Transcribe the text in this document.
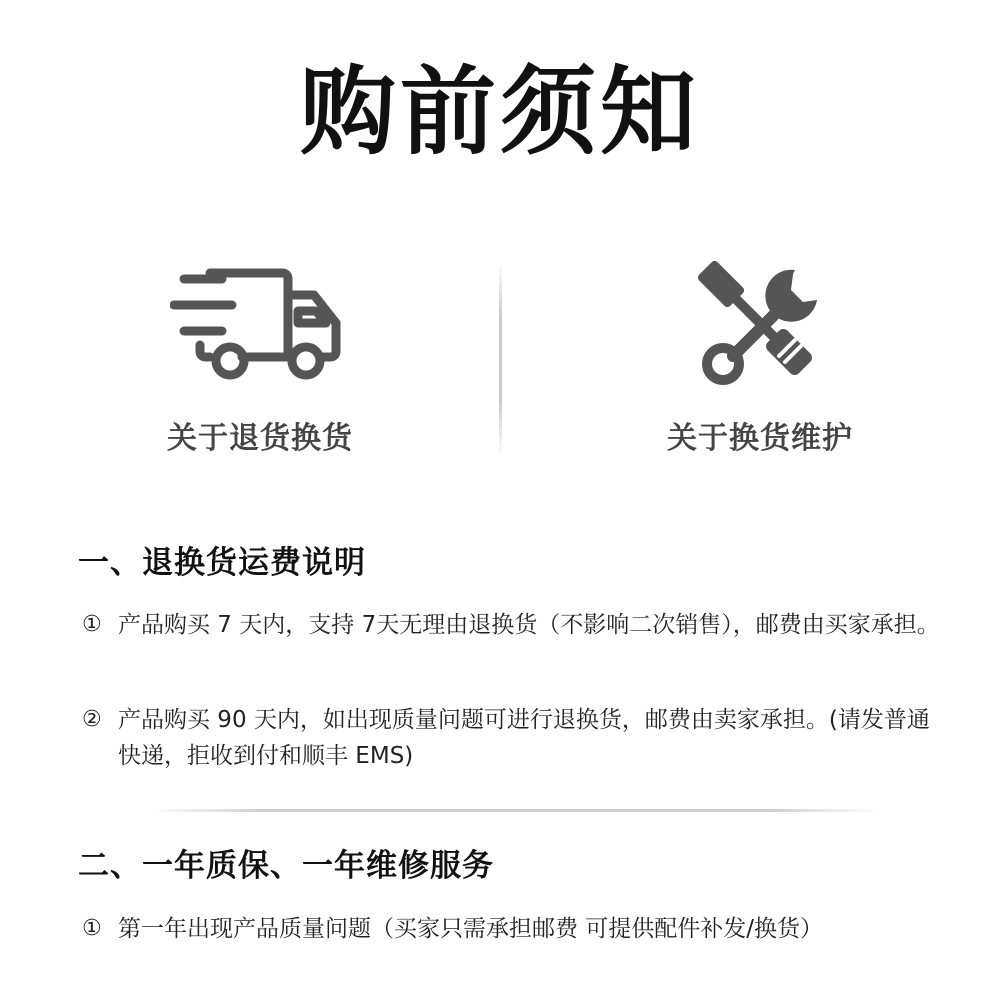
购前须知
关于退货换货	关于换货维护
一、退换货运费说明
① 产品购买 7 天内，支持 7天无理由退换货（不影响二次销售），邮费由买家承担。
② 产品购买 90 天内，如出现质量问题可进行退换货，邮费由卖家承担。(请发普通快递，拒收到付和顺丰 EMS)
二、一年质保、一年维修服务
① 第一年出现产品质量问题（买家只需承担邮费 可提供配件补发/换货）
